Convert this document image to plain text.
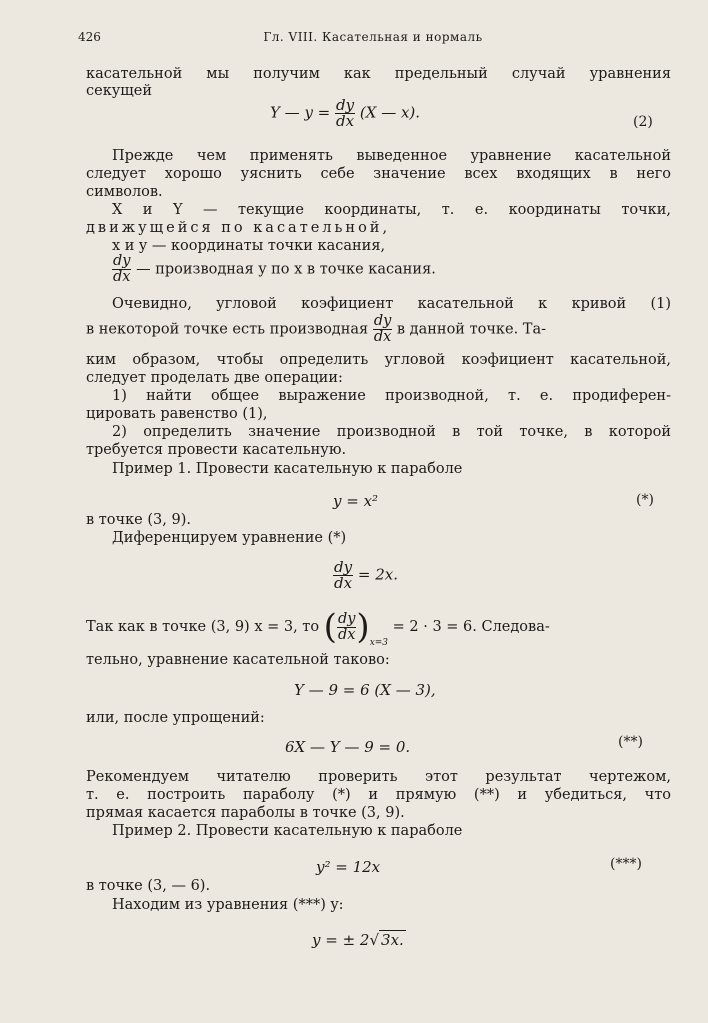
426	Гл. VIII. Касательная и нормаль
касательной мы получим как предельный случай уравнения
секущей
Y — $y = \frac{dy}{dx} (X$ — x).
(2)
Прежде чем применять выведенное уравнение касательной
следует хорошо уяснить себе значение всех входящих в него
символов.
X и Y — текущие координаты, т. е. координаты точки,
движущейся по касательной,
x и y — координаты точки касания,
$\frac{dy}{dx}$ — производная y по x в точке касания.
Очевидно, угловой коэфициент касательной к кривой (1)
в некоторой точке есть производная $\frac{dy}{dx}$ в данной точке. Та-
ким образом, чтобы определить угловой коэфициент касательной,
следует проделать две операции:
1) найти общее выражение производной, т. е. продиферен-
цировать равенство (1),
2) определить значение производной в той точке, в которой
требуется провести касательную.
Пример 1. Провести касательную к параболе
y = x²	(*)
в точке (3, 9).
Диференцируем уравнение (*)
$\frac{dy}{dx} = 2x$.
Так как в точке (3, 9) x = 3, то ( $\frac{dy}{dx} )_{x=3} = 2 \cdot 3 = 6$. Следова-
тельно, уравнение касательной таково:
Y — 9 = 6 (X — 3),
или, после упрощений:
6X — Y — 9 = 0.	(**)
Рекомендуем читателю проверить этот результат чертежом,
т. е. построить параболу (*) и прямую (**) и убедиться, что
прямая касается параболы в точке (3, 9).
Пример 2. Провести касательную к параболе
y² = 12x	(***)
в точке (3, — 6).
Находим из уравнения (***) y:
y = ± 2√ 3x.
